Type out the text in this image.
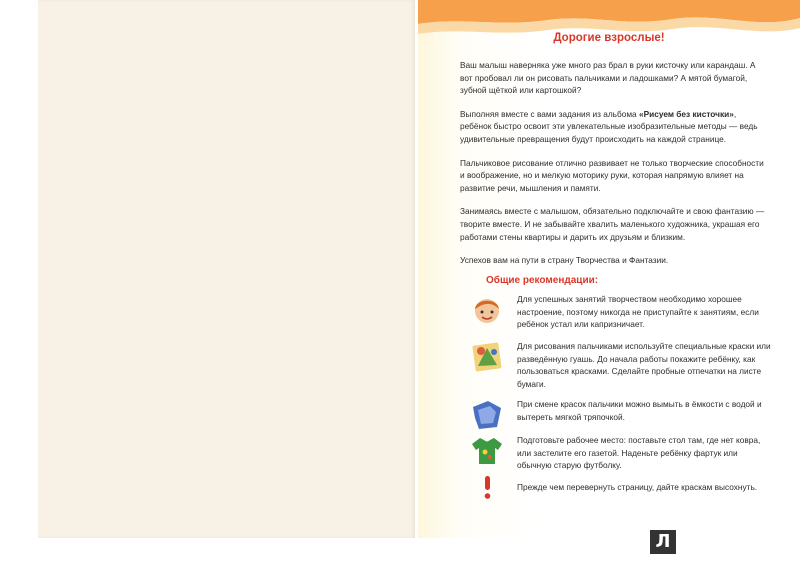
Дорогие взрослые!

Ваш малыш наверняка уже много раз брал в руки кисточку или карандаш. А вот пробовал ли он рисовать пальчиками и ладошками? А мятой бумагой, зубной щёткой или картошкой?

Выполняя вместе с вами задания из альбома «Рисуем без кисточки», ребёнок быстро освоит эти увлекательные изобразительные методы — ведь удивительные превращения будут происходить на каждой странице.

Пальчиковое рисование отлично развивает не только творческие способности и воображение, но и мелкую моторику руки, которая напрямую влияет на развитие речи, мышления и памяти.

Занимаясь вместе с малышом, обязательно подключайте и свою фантазию — творите вместе. И не забывайте хвалить маленького художника, украшая его работами стены квартиры и дарить их друзьям и близким.

Успехов вам на пути в страну Творчества и Фантазии.

Общие рекомендации:
Для успешных занятий творчеством необходимо хорошее настроение, поэтому никогда не приступайте к занятиям, если ребёнок устал или капризничает.
Для рисования пальчиками используйте специальные краски или разведённую гуашь. До начала работы покажите ребёнку, как пользоваться красками. Сделайте пробные отпечатки на листе бумаги.
При смене красок пальчики можно вымыть в ёмкости с водой и вытереть мягкой тряпочкой.
Подготовьте рабочее место: поставьте стол там, где нет ковра, или застелите его газетой. Наденьте ребёнку фартук или обычную старую футболку.
Прежде чем перевернуть страницу, дайте краскам высохнуть.
Л
